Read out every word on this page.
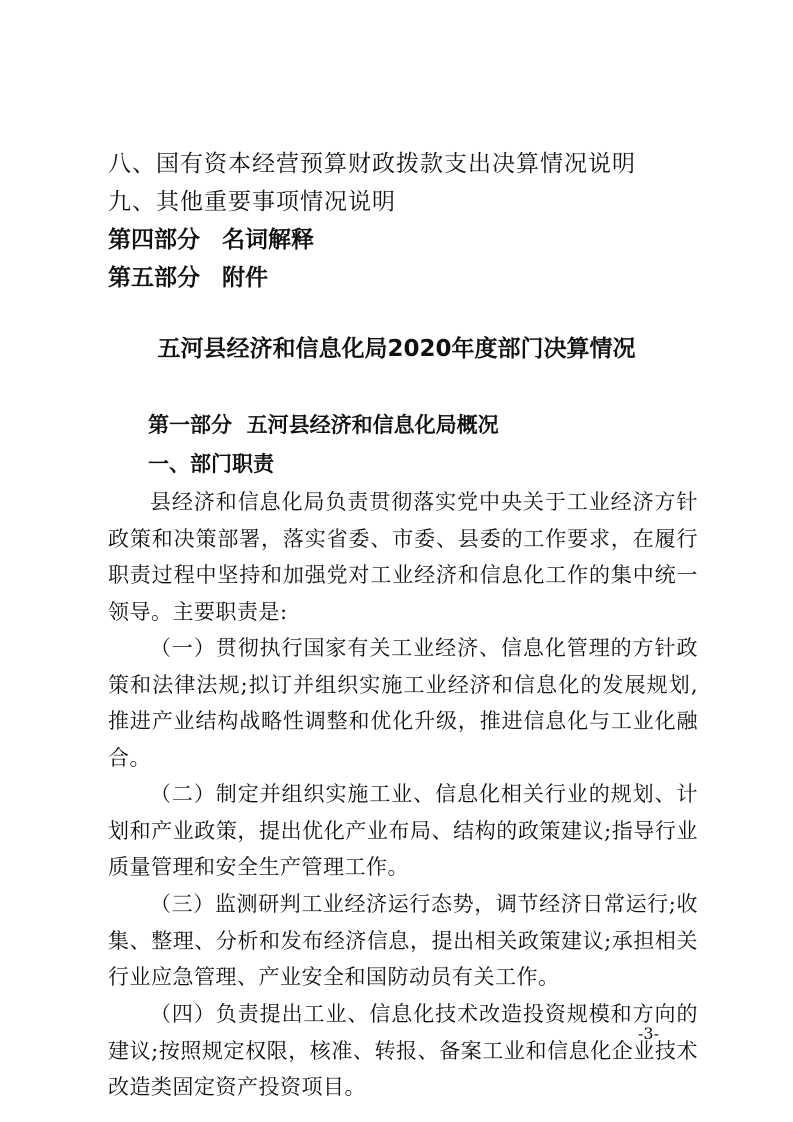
八、国有资本经营预算财政拨款支出决算情况说明
九、其他重要事项情况说明
第四部分 名词解释
第五部分 附件
五河县经济和信息化局2020年度部门决算情况
第一部分  五河县经济和信息化局概况
一、部门职责

县经济和信息化局负责贯彻落实党中央关于工业经济方针政策和决策部署，落实省委、市委、县委的工作要求，在履行职责过程中坚持和加强党对工业经济和信息化工作的集中统一领导。主要职责是:

（一）贯彻执行国家有关工业经济、信息化管理的方针政策和法律法规;拟订并组织实施工业经济和信息化的发展规划,推进产业结构战略性调整和优化升级，推进信息化与工业化融合。

（二）制定并组织实施工业、信息化相关行业的规划、计划和产业政策，提出优化产业布局、结构的政策建议;指导行业质量管理和安全生产管理工作。

（三）监测研判工业经济运行态势，调节经济日常运行;收集、整理、分析和发布经济信息，提出相关政策建议;承担相关行业应急管理、产业安全和国防动员有关工作。

（四）负责提出工业、信息化技术改造投资规模和方向的建议;按照规定权限，核准、转报、备案工业和信息化企业技术改造类固定资产投资项目。

-3-
